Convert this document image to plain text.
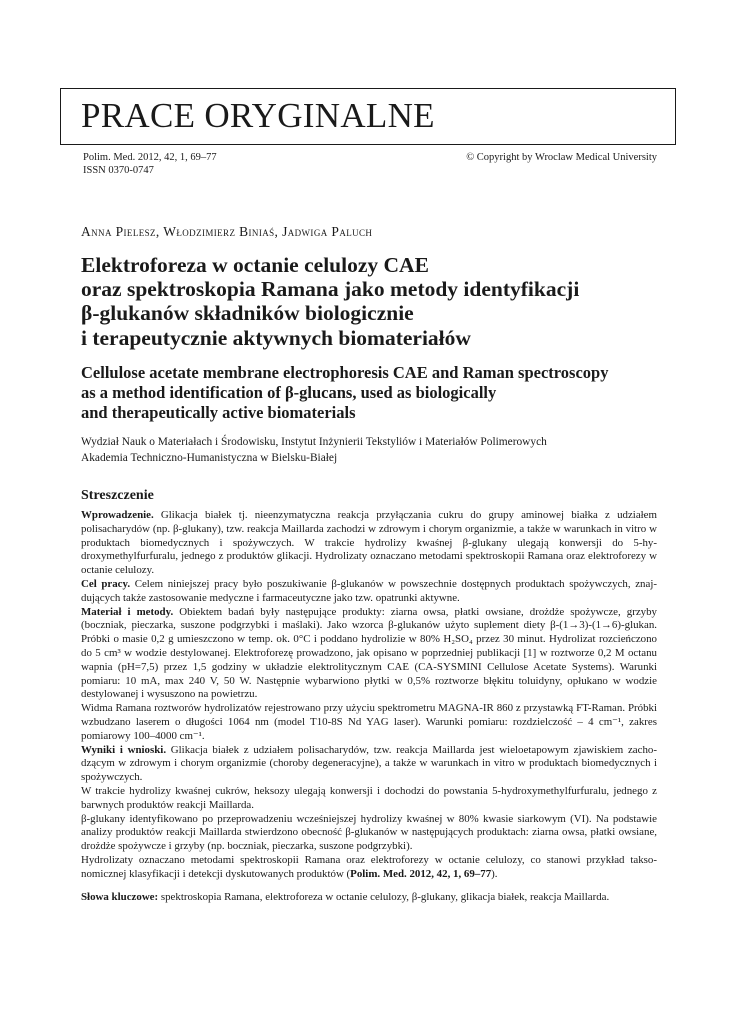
PRACE ORYGINALNE
Polim. Med. 2012, 42, 1, 69–77
ISSN 0370-0747
© Copyright by Wroclaw Medical University
Anna Pielesz, Włodzimierz Biniaś, Jadwiga Paluch
Elektroforeza w octanie celulozy CAE
oraz spektroskopia Ramana jako metody identyfikacji
β-glukanów składników biologicznie
i terapeutycznie aktywnych biomateriałów
Cellulose acetate membrane electrophoresis CAE and Raman spectroscopy
as a method identification of β-glucans, used as biologically
and therapeutically active biomaterials
Wydział Nauk o Materiałach i Środowisku, Instytut Inżynierii Tekstyliów i Materiałów Polimerowych
Akademia Techniczno-Humanistyczna w Bielsku-Białej
Streszczenie

Wprowadzenie. Glikacja białek tj. nieenzymatyczna reakcja przyłączania cukru do grupy aminowej białka z udziałem polisacharydów (np. β-glukany), tzw. reakcja Maillarda zachodzi w zdrowym i chorym organizmie, a także w warunkach in vitro w produktach biomedycznych i spożywczych. W trakcie hydrolizy kwaśnej β-glukany ulegają konwersji do 5-hydroxymethylfurfuralu, jednego z produktów glikacji. Hydrolizaty oznaczano metodami spektroskopii Ramana oraz elektroforezy w octanie celulozy.

Cel pracy. Celem niniejszej pracy było poszukiwanie β-glukanów w powszechnie dostępnych produktach spożywczych, znajdujących także zastosowanie medyczne i farmaceutyczne jako tzw. opatrunki aktywne.

Materiał i metody. Obiektem badań były następujące produkty: ziarna owsa, płatki owsiane, drożdże spożywcze, grzyby (boczniak, pieczarka, suszone podgrzybki i maślaki). Jako wzorca β-glukanów użyto suplement diety β-(1→3)-(1→6)-glukan. Próbki o masie 0,2 g umieszczono w temp. ok. 0°C i poddano hydrolizie w 80% H₂SO₄ przez 30 minut. Hydrolizat rozcieńczono do 5 cm³ w wodzie destylowanej. Elektroforezę prowadzono, jak opisano w poprzedniej publikacji [1] w roztworze 0,2 M octanu wapnia (pH=7,5) przez 1,5 godziny w układzie elektrolitycznym CAE (CA-SYSMINI Cellulose Acetate Systems). Warunki pomiaru: 10 mA, max 240 V, 50 W. Następnie wybarwiono płytki w 0,5% roztworze błękitu toluidyny, opłukano w wodzie destylowanej i wysuszono na powietrzu.

Widma Ramana roztworów hydrolizatów rejestrowano przy użyciu spektrometru MAGNA-IR 860 z przystawką FT-Raman. Próbki wzbudzano laserem o długości 1064 nm (model T10-8S Nd YAG laser). Warunki pomiaru: rozdzielczość – 4 cm⁻¹, zakres pomiarowy 100–4000 cm⁻¹.

Wyniki i wnioski. Glikacja białek z udziałem polisacharydów, tzw. reakcja Maillarda jest wieloetapowym zjawiskiem zachodzącym w zdrowym i chorym organizmie (choroby degeneracyjne), a także w warunkach in vitro w produktach biomedycznych i spożywczych.

W trakcie hydrolizy kwaśnej cukrów, heksozy ulegają konwersji i dochodzi do powstania 5-hydroxymethylfurfuralu, jednego z barwnych produktów reakcji Maillarda.

β-glukany identyfikowano po przeprowadzeniu wcześniejszej hydrolizy kwaśnej w 80% kwasie siarkowym (VI). Na podstawie analizy produktów reakcji Maillarda stwierdzono obecność β-glukanów w następujących produktach: ziarna owsa, płatki owsiane, drożdże spożywcze i grzyby (np. boczniak, pieczarka, suszone podgrzybki).

Hydrolizaty oznaczano metodami spektroskopii Ramana oraz elektroforezy w octanie celulozy, co stanowi przykład taksonomicznej klasyfikacji i detekcji dyskutowanych produktów (Polim. Med. 2012, 42, 1, 69–77).

Słowa kluczowe: spektroskopia Ramana, elektroforeza w octanie celulozy, β-glukany, glikacja białek, reakcja Maillarda.
